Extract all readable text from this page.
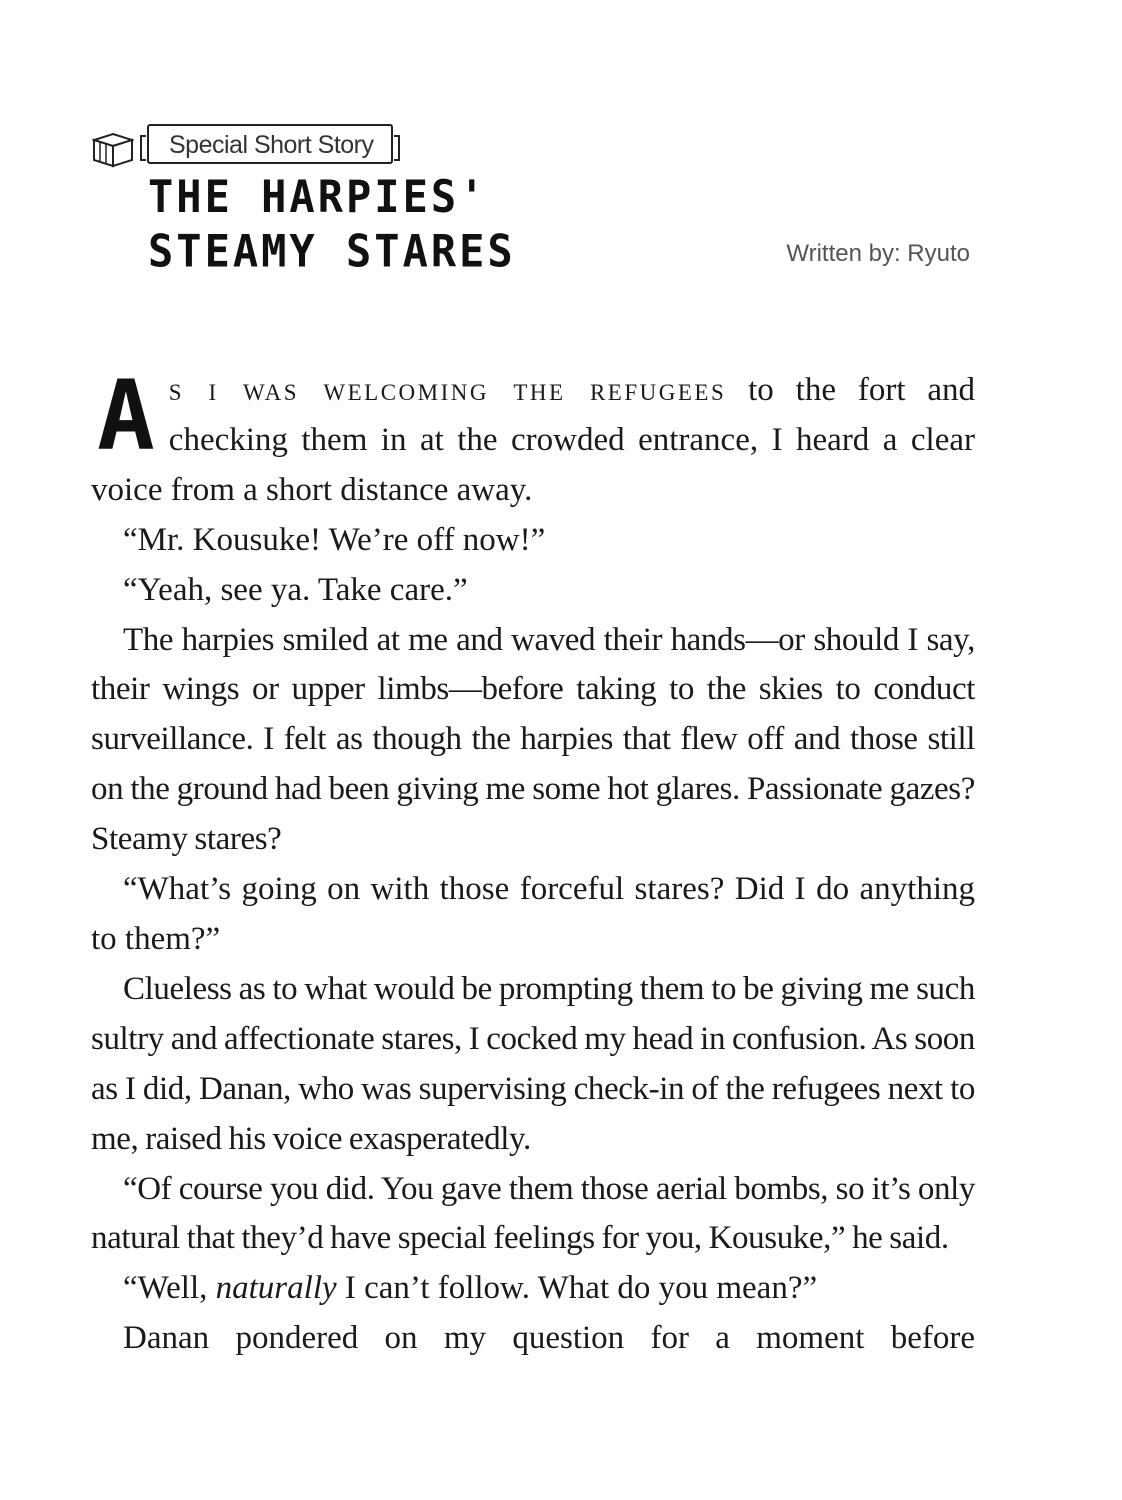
Special Short Story
THE HARPIES'
STEAMY STARES	Written by: Ryuto

As i was welcoming the refugees to the fort and checking them in at the crowded entrance, I heard a clear voice from a short distance away.

“Mr. Kousuke! We’re off now!”

“Yeah, see ya. Take care.”

The harpies smiled at me and waved their hands—or should I say, their wings or upper limbs—before taking to the skies to conduct surveillance. I felt as though the harpies that flew off and those still on the ground had been giving me some hot glares. Passionate gazes? Steamy stares?

“What’s going on with those forceful stares? Did I do anything to them?”

Clueless as to what would be prompting them to be giving me such sultry and affectionate stares, I cocked my head in confusion. As soon as I did, Danan, who was supervising check-in of the refugees next to me, raised his voice exasperatedly.

“Of course you did. You gave them those aerial bombs, so it’s only natural that they’d have special feelings for you, Kousuke,” he said.

“Well, naturally I can’t follow. What do you mean?”

Danan pondered on my question for a moment before
